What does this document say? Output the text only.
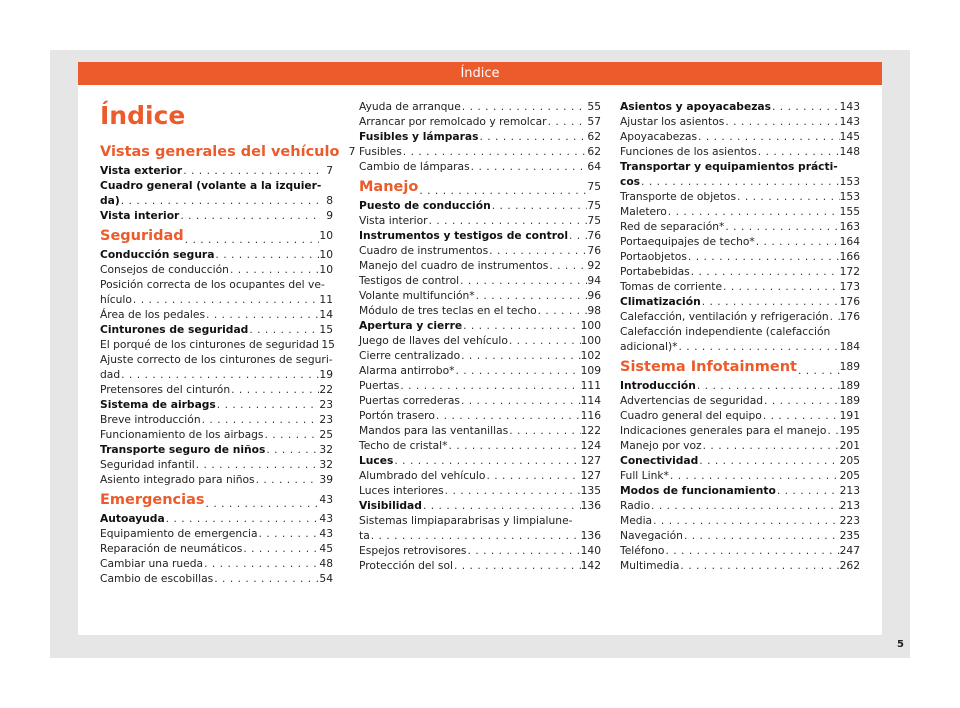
Índice
Índice
Vistas generales del vehículo . . . 7
Vista exterior . . .	7
Cuadro general (volante a la izquier-
da) . . .	8
Vista interior . . .	9
Seguridad . . .	10
Conducción segura . . .	10
Consejos de conducción . . .	10
Posición correcta de los ocupantes del ve-
hículo . . .	11
Área de los pedales . . .	14
Cinturones de seguridad . . .	15
El porqué de los cinturones de seguridad . . . 15
Ajuste correcto de los cinturones de seguri-
dad . . .	19
Pretensores del cinturón . . .	22
Sistema de airbags . . .	23
Breve introducción . . .	23
Funcionamiento de los airbags . . .	25
Transporte seguro de niños . . .	32
Seguridad infantil . . .	32
Asiento integrado para niños . . .	39
Emergencias . . .	43
Autoayuda . . .	43
Equipamiento de emergencia . . .	43
Reparación de neumáticos . . .	45
Cambiar una rueda . . .	48
Cambio de escobillas . . .	54
Ayuda de arranque . . .	55
Arrancar por remolcado y remolcar . . .	57
Fusibles y lámparas . . .	62
Fusibles . . .	62
Cambio de lámparas . . .	64
Manejo . . .	75
Puesto de conducción . . .	75
Vista interior . . .	75
Instrumentos y testigos de control . . . 76
Cuadro de instrumentos . . .	76
Manejo del cuadro de instrumentos . . .	92
Testigos de control . . .	94
Volante multifunción* . . .	96
Módulo de tres teclas en el techo . . .	98
Apertura y cierre . . .	100
Juego de llaves del vehículo . . .	100
Cierre centralizado . . .	102
Alarma antirrobo* . . .	109
Puertas . . .	111
Puertas correderas . . .	114
Portón trasero . . .	116
Mandos para las ventanillas . . .	122
Techo de cristal* . . .	124
Luces . . .	127
Alumbrado del vehículo . . .	127
Luces interiores . . .	135
Visibilidad . . .	136
Sistemas limpiaparabrisas y limpialune-
ta . . .	136
Espejos retrovisores . . .	140
Protección del sol . . .	142
Asientos y apoyacabezas . . .	143
Ajustar los asientos . . .	143
Apoyacabezas . . .	145
Funciones de los asientos . . .	148
Transportar y equipamientos prácti-
cos . . .	153
Transporte de objetos . . .	153
Maletero . . .	155
Red de separación* . . .	163
Portaequipajes de techo* . . .	164
Portaobjetos . . .	166
Portabebidas . . .	172
Tomas de corriente . . .	173
Climatización . . .	176
Calefacción, ventilación y refrigeración . . . 176
Calefacción independiente (calefacción
adicional)* . . .	184
Sistema Infotainment . . .	189
Introducción . . .	189
Advertencias de seguridad . . .	189
Cuadro general del equipo . . .	191
Indicaciones generales para el manejo . . . 195
Manejo por voz . . .	201
Conectividad . . .	205
Full Link* . . .	205
Modos de funcionamiento . . .	213
Radio . . .	213
Media . . .	223
Navegación . . .	235
Teléfono . . .	247
Multimedia . . .	262
5
